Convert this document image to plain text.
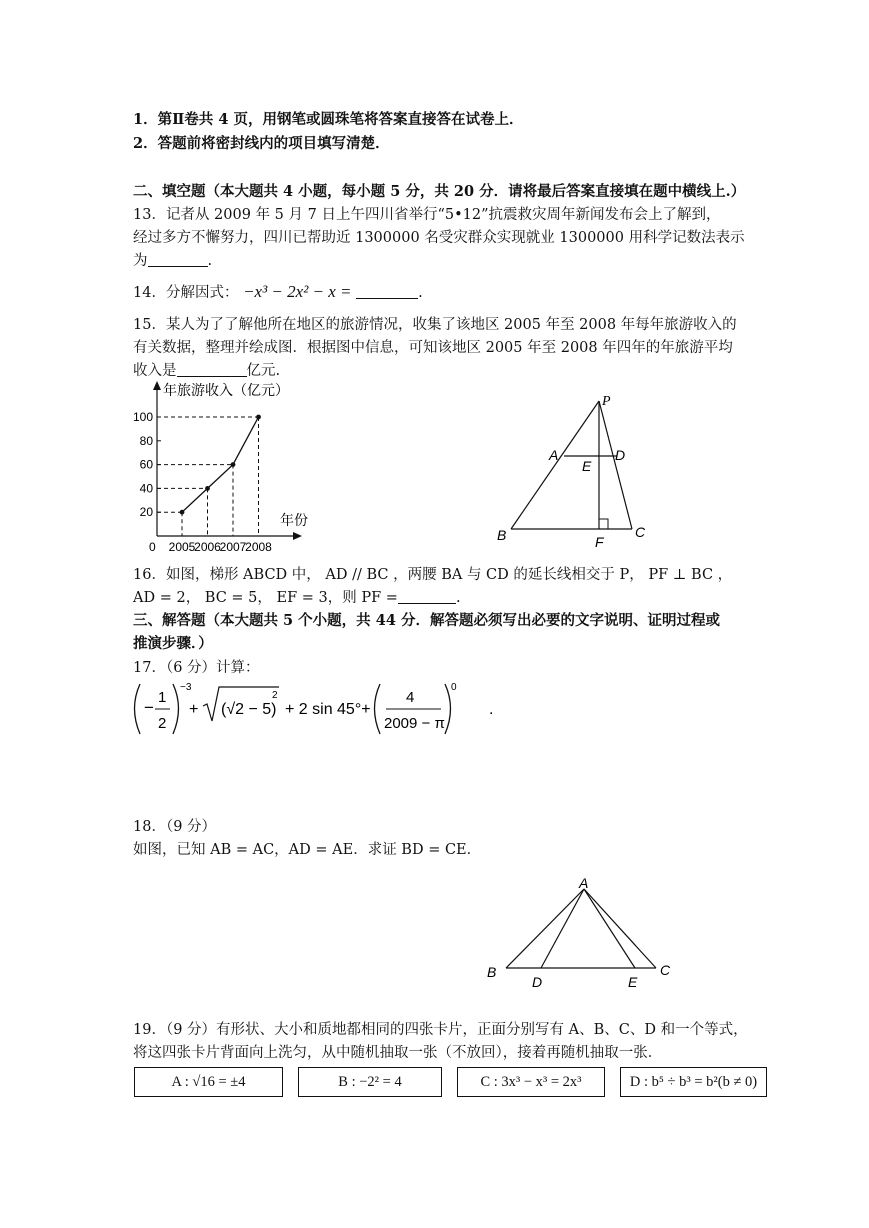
1．第Ⅱ卷共 4 页，用钢笔或圆珠笔将答案直接答在试卷上．
2．答题前将密封线内的项目填写清楚．
二、填空题（本大题共 4 小题，每小题 5 分，共 20 分．请将最后答案直接填在题中横线上.）
13．记者从 2009 年 5 月 7 日上午四川省举行“5•12”抗震救灾周年新闻发布会上了解到，
经过多方不懈努力，四川已帮助近 1300000 名受灾群众实现就业 1300000 用科学记数法表示
为	.
14．分解因式： −x³ − 2x² − x =	.
15．某人为了了解他所在地区的旅游情况，收集了该地区 2005 年至 2008 年每年旅游收入的
有关数据，整理并绘成图．根据图中信息，可知该地区 2005 年至 2008 年四年的年旅游平均
收入是	亿元.
20
40
60
80
100
2005
2006
2007
2008
年旅游收入（亿元）
年份
0
P
A
E
D
B	F
C
16．如图，梯形 ABCD 中， AD // BC ，两腰 BA 与 CD 的延长线相交于 P， PF ⊥ BC ，
AD = 2， BC = 5， EF = 3，则 PF =	.
三、解答题（本大题共 5 个小题，共 44 分．解答题必须写出必要的文字说明、证明过程或
推演步骤．）
17．（6 分）计算：
−
1
2
−3
+ (√2 − 5)
2
+ 2 sin 45°+
4
2009 − π
0
.
18．（9 分）
如图，已知 AB = AC，AD = AE．求证 BD = CE．
A
B
D	E
C
19．（9 分）有形状、大小和质地都相同的四张卡片，正面分别写有 A、B、C、D 和一个等式，
将这四张卡片背面向上洗匀，从中随机抽取一张（不放回），接着再随机抽取一张．
A : √16 = ±4	B : −2² = 4	C : 3x³ − x³ = 2x³	D : b⁵ ÷ b³ = b²(b ≠ 0)
